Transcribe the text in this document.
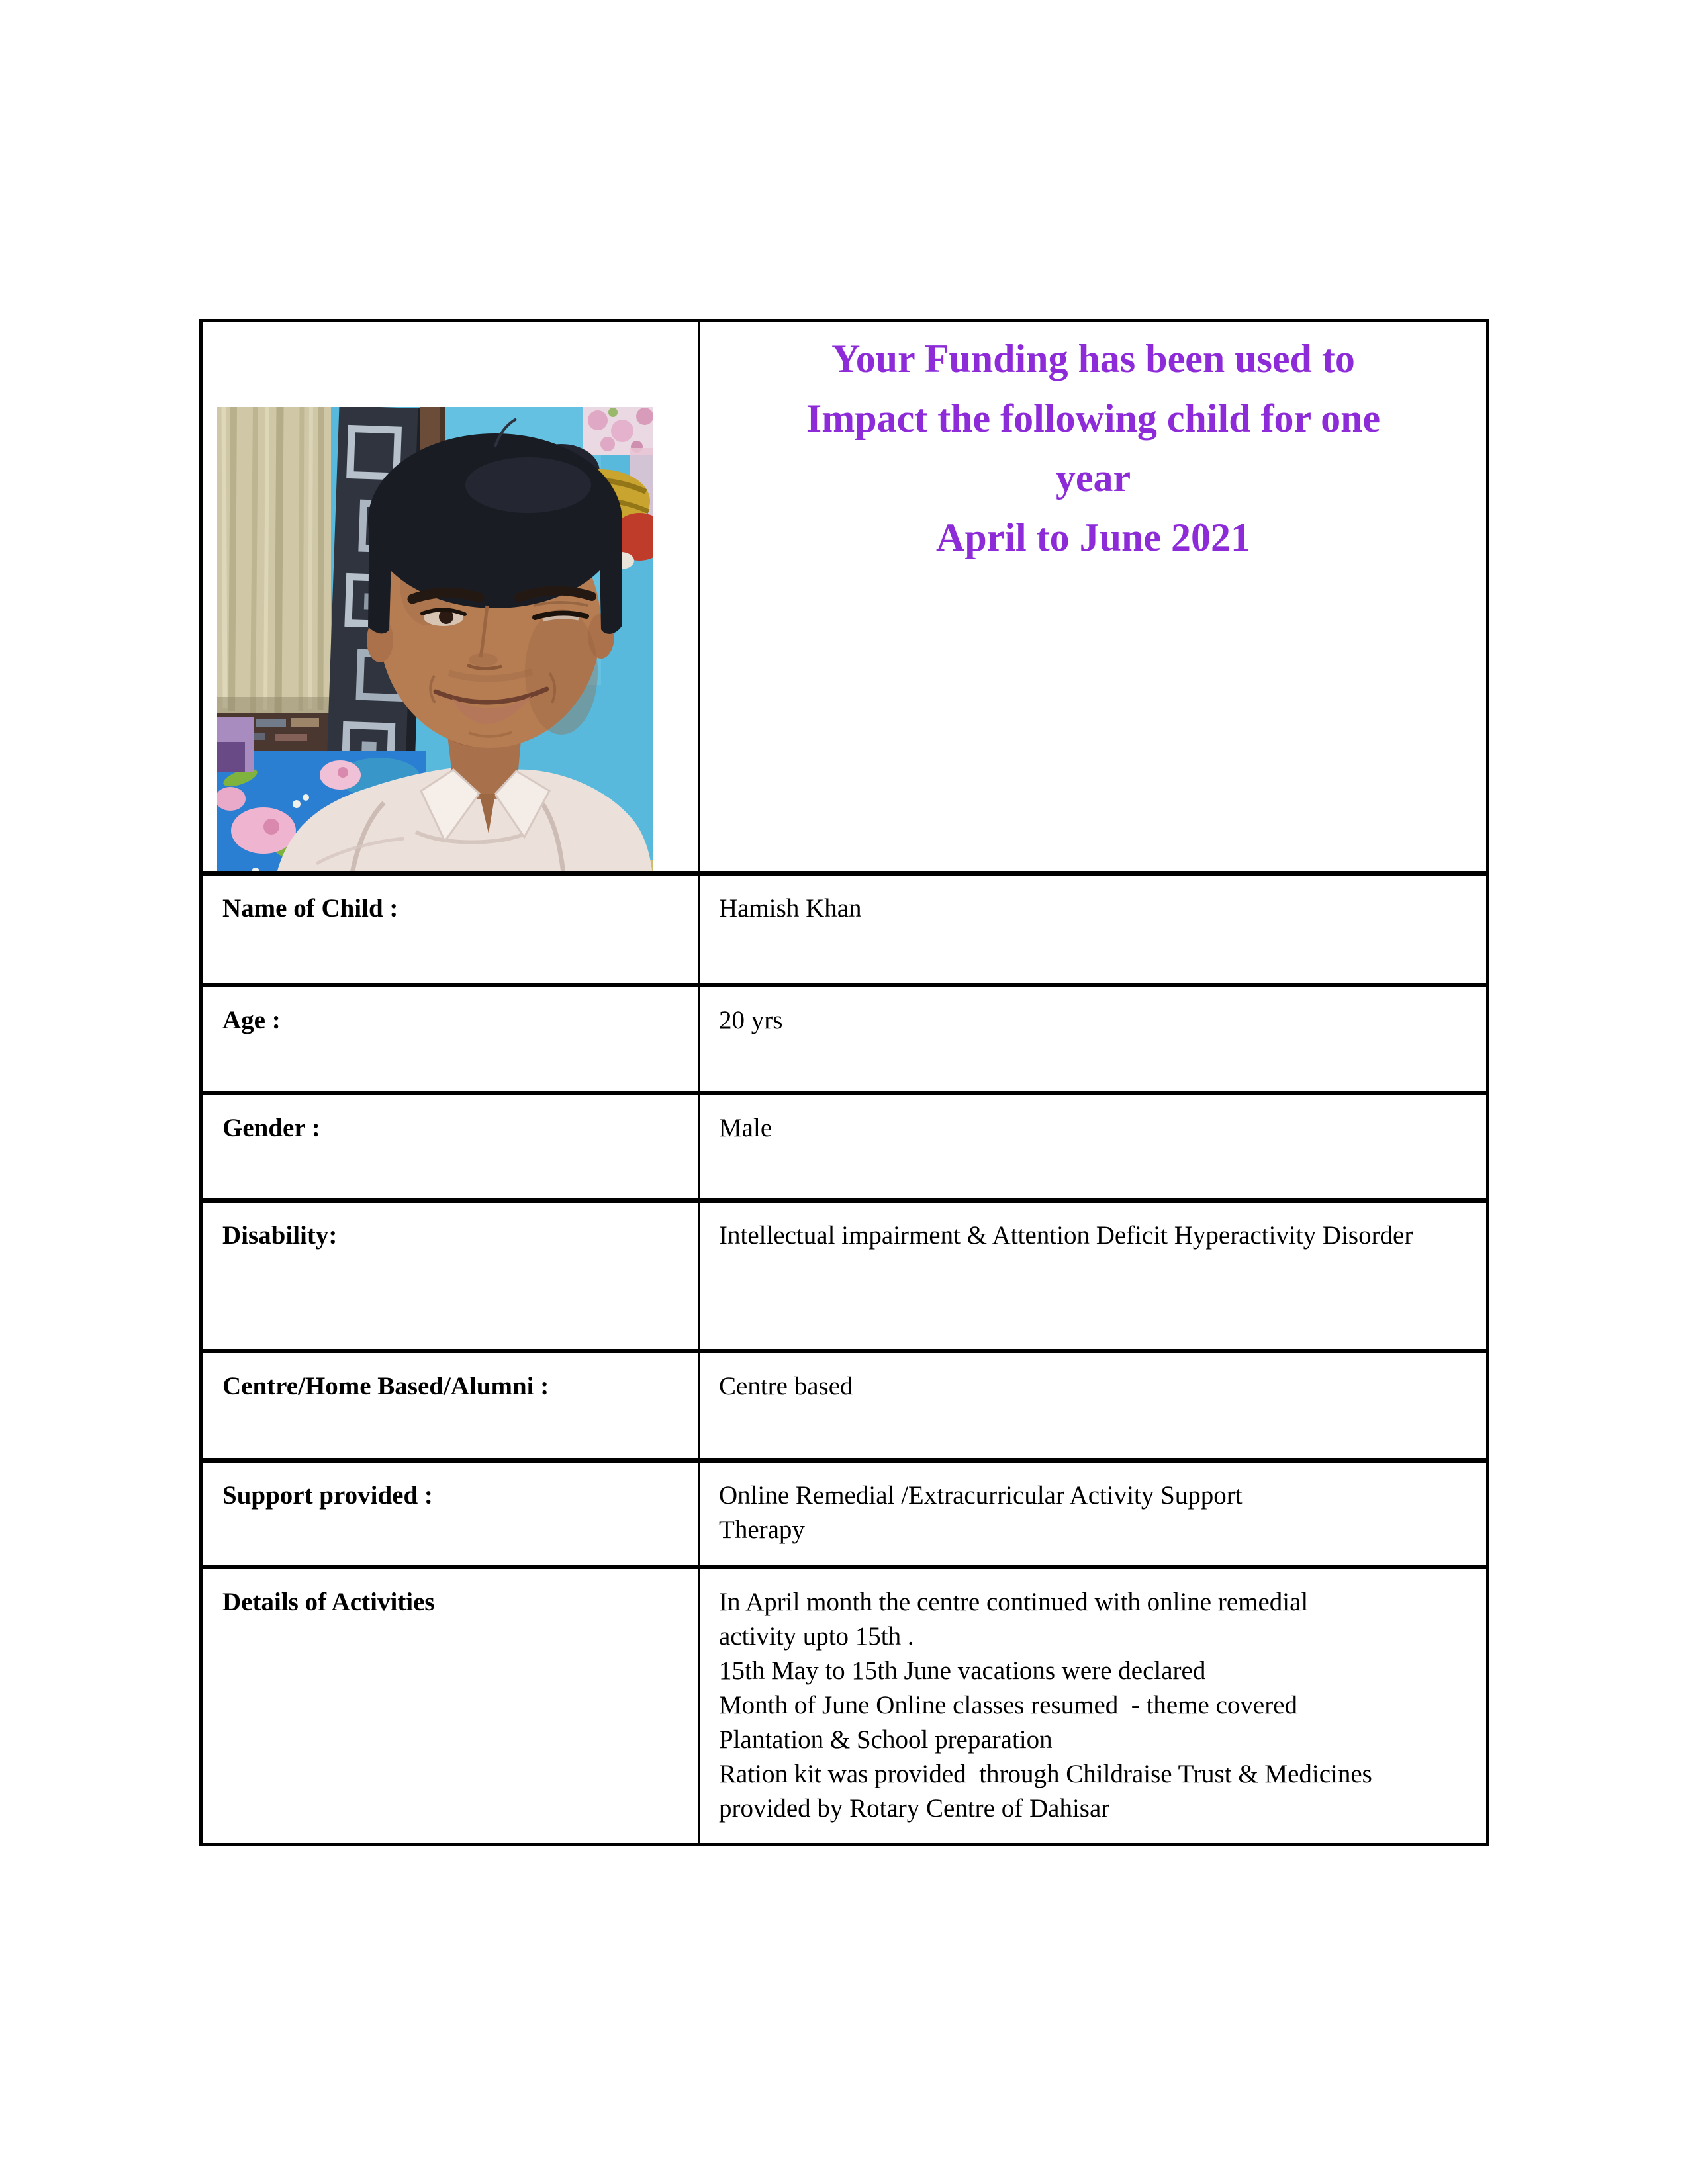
Your Funding has been used to
Impact the following child for one
year
April to June 2021
Name of Child :	Hamish Khan
Age :	20 yrs
Gender :	Male
Disability:	Intellectual impairment & Attention Deficit Hyperactivity Disorder
Centre/Home Based/Alumni :	Centre based
Support provided :	Online Remedial /Extracurricular Activity Support
Therapy
Details of Activities	In April month the centre continued with online remedial
activity upto 15th .
15th May to 15th June vacations were declared
Month of June Online classes resumed  - theme covered
Plantation & School preparation
Ration kit was provided  through Childraise Trust & Medicines
provided by Rotary Centre of Dahisar
